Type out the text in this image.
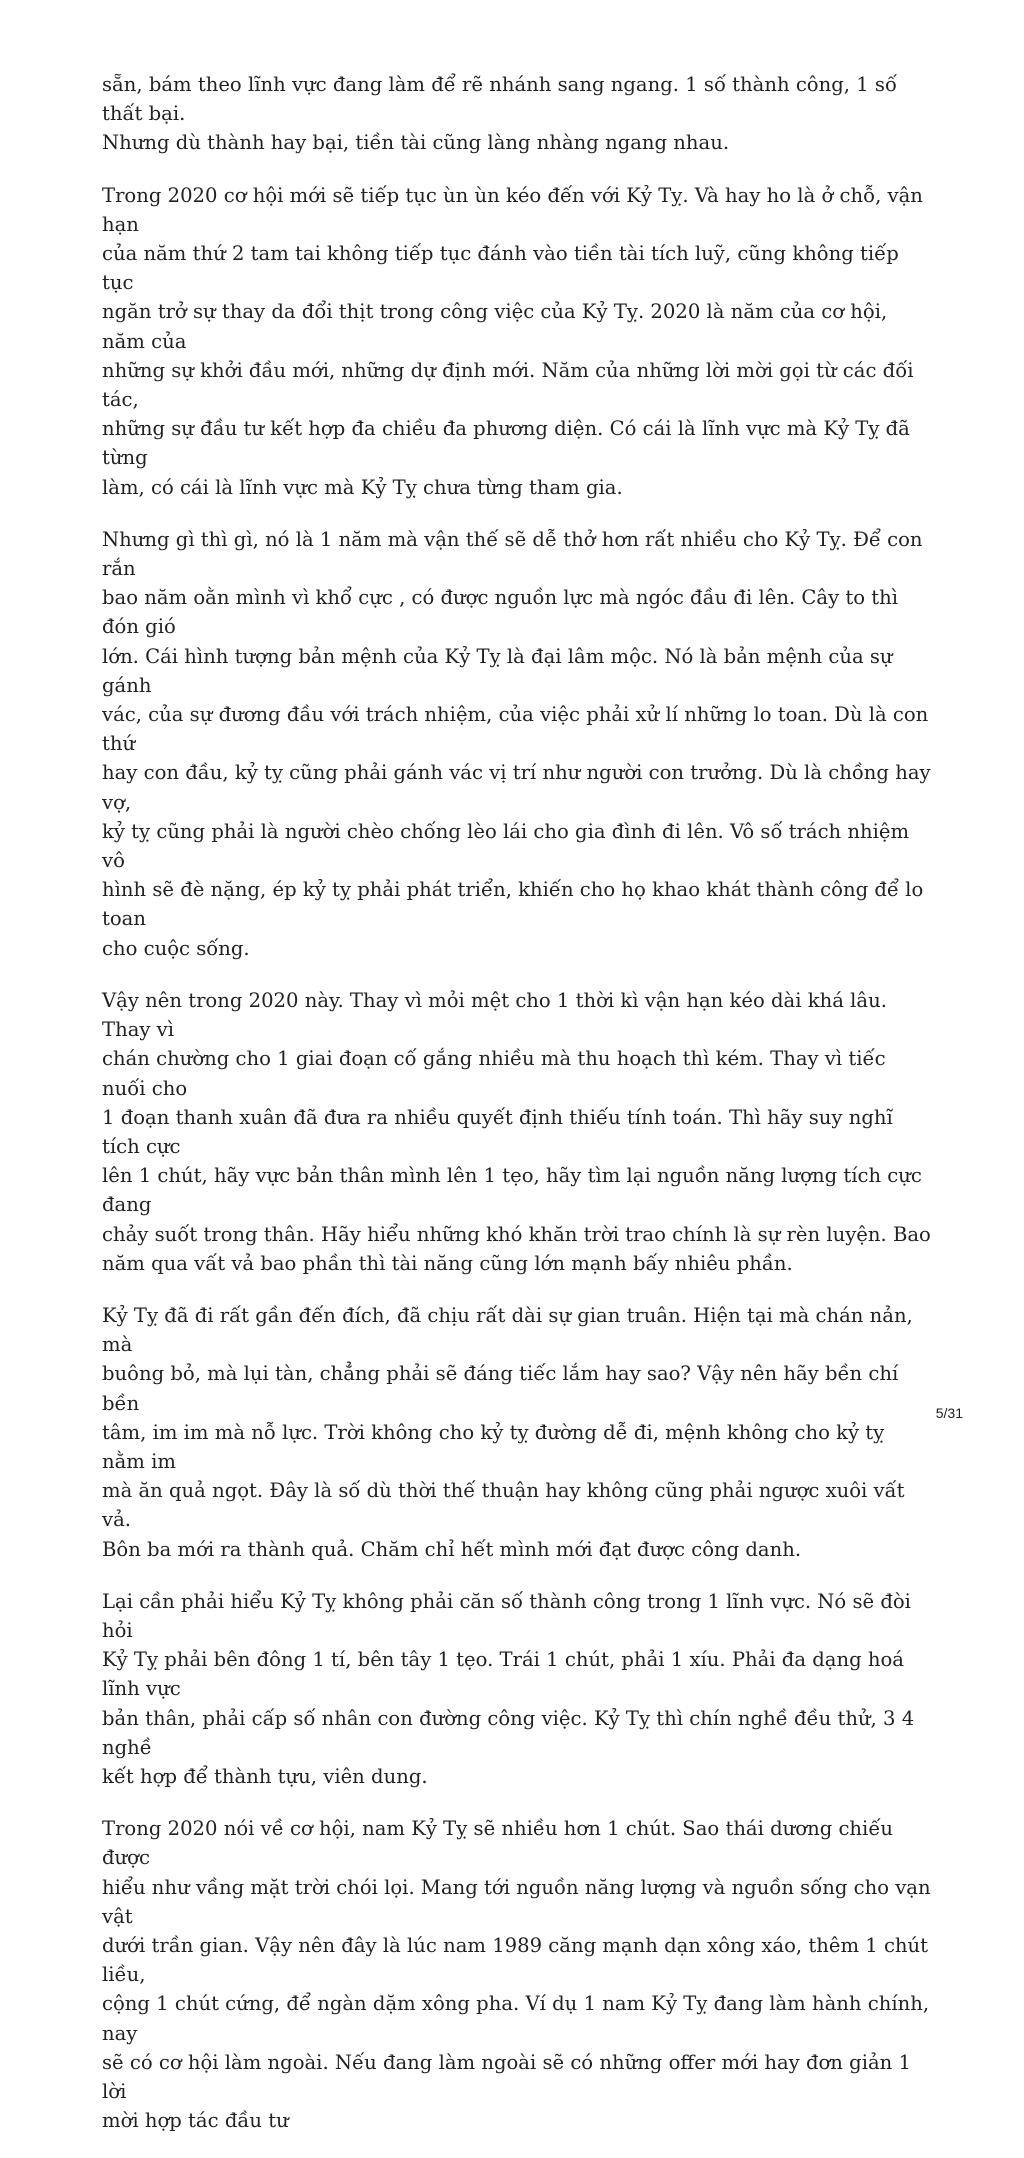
sẵn, bám theo lĩnh vực đang làm để rẽ nhánh sang ngang. 1 số thành công, 1 số thất bại.
Nhưng dù thành hay bại, tiền tài cũng làng nhàng ngang nhau.

Trong 2020 cơ hội mới sẽ tiếp tục ùn ùn kéo đến với Kỷ Tỵ. Và hay ho là ở chỗ, vận hạn
của năm thứ 2 tam tai không tiếp tục đánh vào tiền tài tích luỹ, cũng không tiếp tục
ngăn trở sự thay da đổi thịt trong công việc của Kỷ Tỵ. 2020 là năm của cơ hội, năm của
những sự khởi đầu mới, những dự định mới. Năm của những lời mời gọi từ các đối tác,
những sự đầu tư kết hợp đa chiều đa phương diện. Có cái là lĩnh vực mà Kỷ Tỵ đã từng
làm, có cái là lĩnh vực mà Kỷ Tỵ chưa từng tham gia.

Nhưng gì thì gì, nó là 1 năm mà vận thế sẽ dễ thở hơn rất nhiều cho Kỷ Tỵ. Để con rắn
bao năm oằn mình vì khổ cực , có được nguồn lực mà ngóc đầu đi lên. Cây to thì đón gió
lớn. Cái hình tượng bản mệnh của Kỷ Tỵ là đại lâm mộc. Nó là bản mệnh của sự gánh
vác, của sự đương đầu với trách nhiệm, của việc phải xử lí những lo toan. Dù là con thứ
hay con đầu, kỷ tỵ cũng phải gánh vác vị trí như người con trưởng. Dù là chồng hay vợ,
kỷ tỵ cũng phải là người chèo chống lèo lái cho gia đình đi lên. Vô số trách nhiệm vô
hình sẽ đè nặng, ép kỷ tỵ phải phát triển, khiến cho họ khao khát thành công để lo toan
cho cuộc sống.

Vậy nên trong 2020 này. Thay vì mỏi mệt cho 1 thời kì vận hạn kéo dài khá lâu. Thay vì
chán chường cho 1 giai đoạn cố gắng nhiều mà thu hoạch thì kém. Thay vì tiếc nuối cho
1 đoạn thanh xuân đã đưa ra nhiều quyết định thiếu tính toán. Thì hãy suy nghĩ tích cực
lên 1 chút, hãy vực bản thân mình lên 1 tẹo, hãy tìm lại nguồn năng lượng tích cực đang
chảy suốt trong thân. Hãy hiểu những khó khăn trời trao chính là sự rèn luyện. Bao
năm qua vất vả bao phần thì tài năng cũng lớn mạnh bấy nhiêu phần.

Kỷ Tỵ đã đi rất gần đến đích, đã chịu rất dài sự gian truân. Hiện tại mà chán nản, mà
buông bỏ, mà lụi tàn, chẳng phải sẽ đáng tiếc lắm hay sao? Vậy nên hãy bền chí bền
tâm, im im mà nỗ lực. Trời không cho kỷ tỵ đường dễ đi, mệnh không cho kỷ tỵ nằm im
mà ăn quả ngọt. Đây là số dù thời thế thuận hay không cũng phải ngược xuôi vất vả.
Bôn ba mới ra thành quả. Chăm chỉ hết mình mới đạt được công danh.

Lại cần phải hiểu Kỷ Tỵ không phải căn số thành công trong 1 lĩnh vực. Nó sẽ đòi hỏi
Kỷ Tỵ phải bên đông 1 tí, bên tây 1 tẹo. Trái 1 chút, phải 1 xíu. Phải đa dạng hoá lĩnh vực
bản thân, phải cấp số nhân con đường công việc. Kỷ Tỵ thì chín nghề đều thử, 3 4 nghề
kết hợp để thành tựu, viên dung.

Trong 2020 nói về cơ hội, nam Kỷ Tỵ sẽ nhiều hơn 1 chút. Sao thái dương chiếu được
hiểu như vầng mặt trời chói lọi. Mang tới nguồn năng lượng và nguồn sống cho vạn vật
dưới trần gian. Vậy nên đây là lúc nam 1989 căng mạnh dạn xông xáo, thêm 1 chút liều,
cộng 1 chút cứng, để ngàn dặm xông pha. Ví dụ 1 nam Kỷ Tỵ đang làm hành chính, nay
sẽ có cơ hội làm ngoài. Nếu đang làm ngoài sẽ có những offer mới hay đơn giản 1 lời
mời hợp tác đầu tư

5/31
